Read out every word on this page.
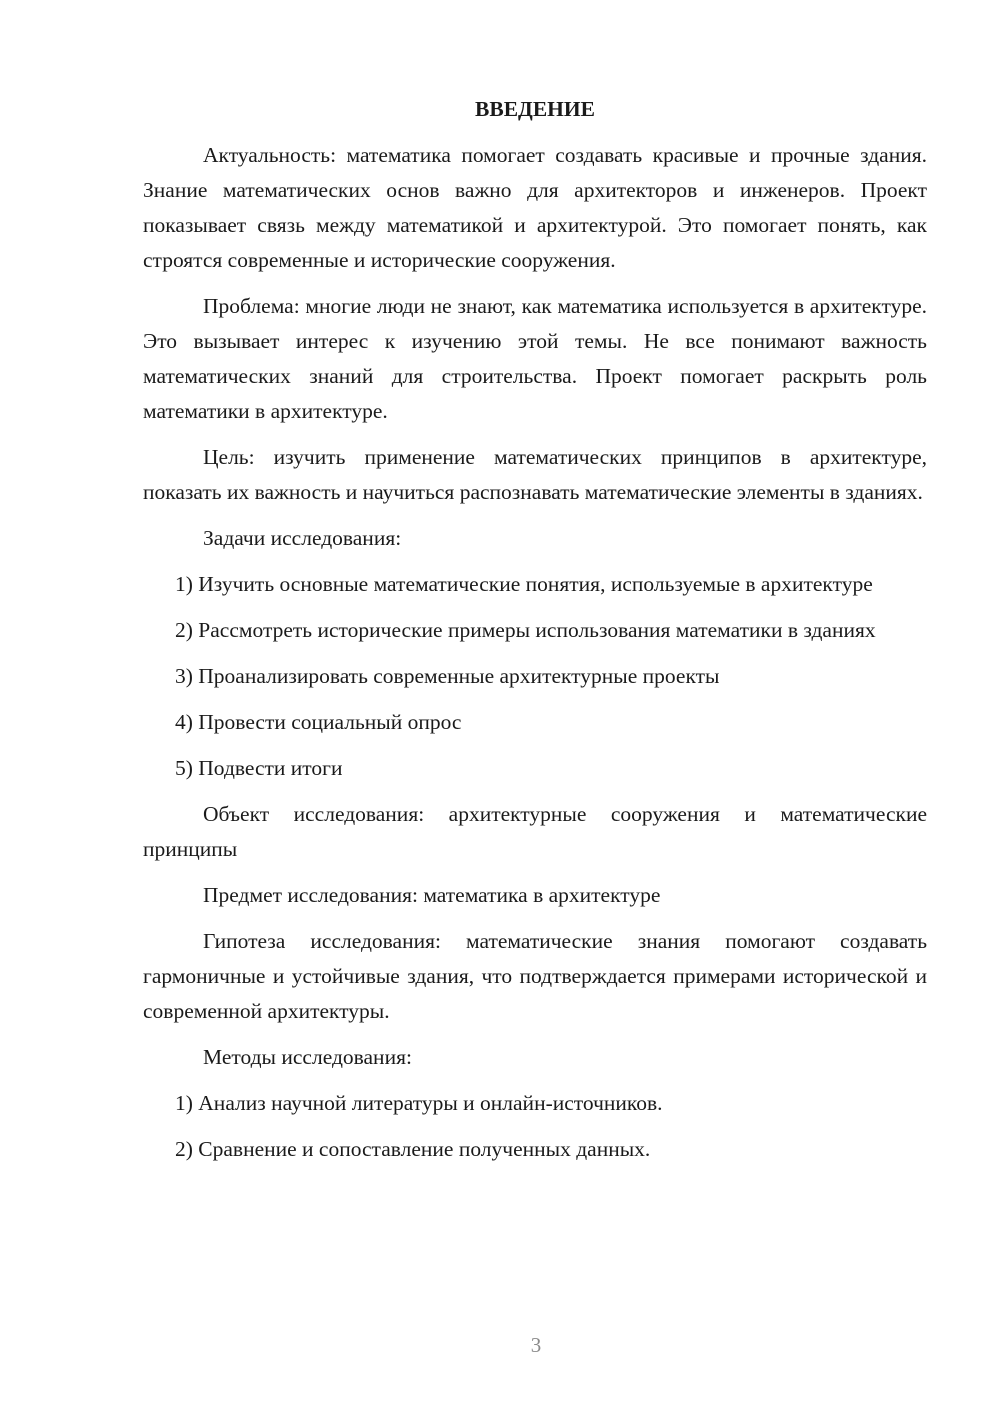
ВВЕДЕНИЕ

Актуальность: математика помогает создавать красивые и прочные здания. Знание математических основ важно для архитекторов и инженеров. Проект показывает связь между математикой и архитектурой. Это помогает понять, как строятся современные и исторические сооружения.

Проблема: многие люди не знают, как математика используется в архитектуре. Это вызывает интерес к изучению этой темы. Не все понимают важность математических знаний для строительства. Проект помогает раскрыть роль математики в архитектуре.

Цель: изучить применение математических принципов в архитектуре, показать их важность и научиться распознавать математические элементы в зданиях.

Задачи исследования:

1) Изучить основные математические понятия, используемые в архитектуре

2) Рассмотреть исторические примеры использования математики в зданиях

3) Проанализировать современные архитектурные проекты

4) Провести социальный опрос

5) Подвести итоги

Объект исследования: архитектурные сооружения и математические принципы

Предмет исследования: математика в архитектуре

Гипотеза исследования: математические знания помогают создавать гармоничные и устойчивые здания, что подтверждается примерами исторической и современной архитектуры.

Методы исследования:

1) Анализ научной литературы и онлайн-источников.

2) Сравнение и сопоставление полученных данных.

3
